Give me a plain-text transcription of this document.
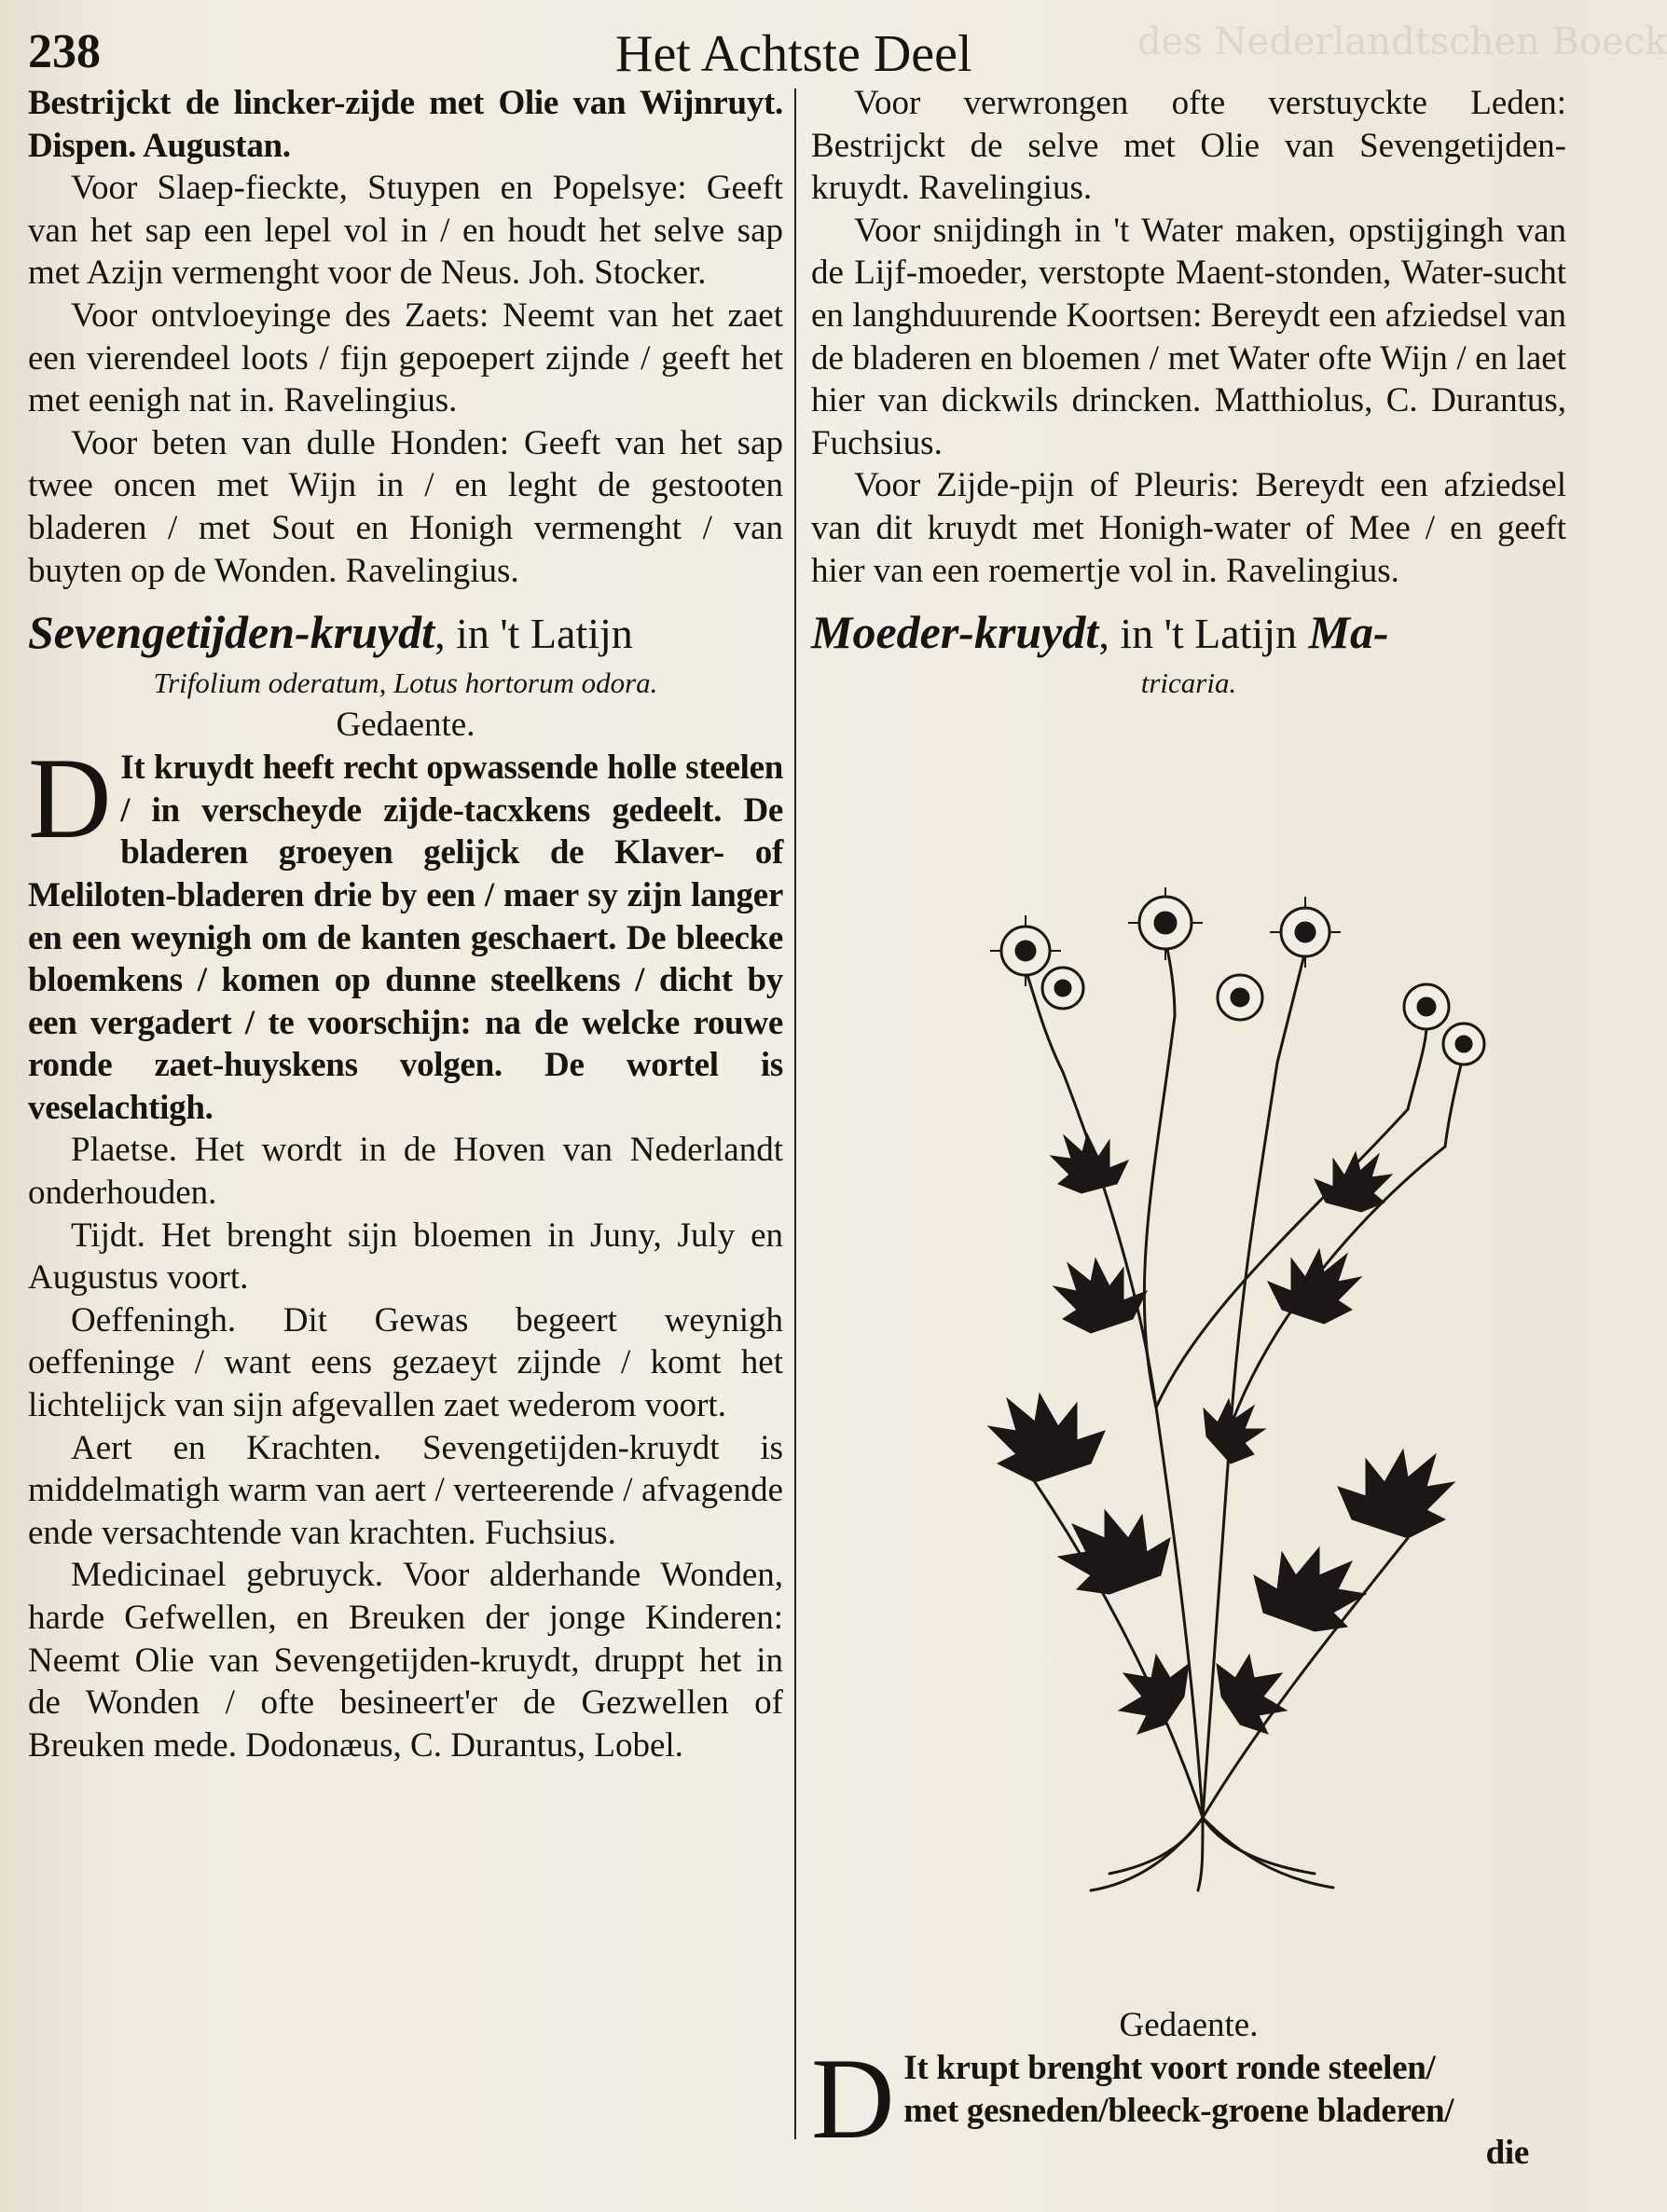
des Nederlandtschen Boeck
238	Het Achtste Deel

Bestrijckt de lincker-zijde met Olie van Wijnruyt. Dispen. Augustan.

Voor Slaep-fieckte, Stuypen en Popelsye: Geeft van het sap een lepel vol in / en houdt het selve sap met Azijn vermenght voor de Neus. Joh. Stocker.

Voor ontvloeyinge des Zaets: Neemt van het zaet een vierendeel loots / fijn gepoepert zijnde / geeft het met eenigh nat in. Ravelingius.

Voor beten van dulle Honden: Geeft van het sap twee oncen met Wijn in / en leght de gestooten bladeren / met Sout en Honigh vermenght / van buyten op de Wonden. Ravelingius.

Sevengetijden-kruydt, in 't Latijn
Trifolium oderatum, Lotus hortorum odora.
Gedaente.

D It kruydt heeft recht opwassende holle steelen / in verscheyde zijde-tacxkens gedeelt. De bladeren groeyen gelijck de Klaver- of Meliloten-bladeren drie by een / maer sy zijn langer en een weynigh om de kanten geschaert. De bleecke bloemkens / komen op dunne steelkens / dicht by een vergadert / te voorschijn: na de welcke rouwe ronde zaet-huyskens volgen. De wortel is veselachtigh.

Plaetse. Het wordt in de Hoven van Nederlandt onderhouden.

Tijdt. Het brenght sijn bloemen in Juny, July en Augustus voort.

Oeffeningh. Dit Gewas begeert weynigh oeffeninge / want eens gezaeyt zijnde / komt het lichtelijck van sijn afgevallen zaet wederom voort.

Aert en Krachten. Sevengetijden-kruydt is middelmatigh warm van aert / verteerende / afvagende ende versachtende van krachten. Fuchsius.

Medicinael gebruyck. Voor alderhande Wonden, harde Gefwellen, en Breuken der jonge Kinderen: Neemt Olie van Sevengetijden-kruydt, druppt het in de Wonden / ofte besineert'er de Gezwellen of Breuken mede. Dodonæus, C. Durantus, Lobel.

Voor verwrongen ofte verstuyckte Leden: Bestrijckt de selve met Olie van Sevengetijden-kruydt. Ravelingius.

Voor snijdingh in 't Water maken, opstijgingh van de Lijf-moeder, verstopte Maent-stonden, Water-sucht en langhduurende Koortsen: Bereydt een afziedsel van de bladeren en bloemen / met Water ofte Wijn / en laet hier van dickwils drincken. Matthiolus, C. Durantus, Fuchsius.

Voor Zijde-pijn of Pleuris: Bereydt een afziedsel van dit kruydt met Honigh-water of Mee / en geeft hier van een roemertje vol in. Ravelingius.

Moeder-kruydt, in 't Latijn Ma-
tricaria.
Gedaente.

D It krupt brenght voort ronde steelen/
met gesneden/bleeck-groene bladeren/

die
